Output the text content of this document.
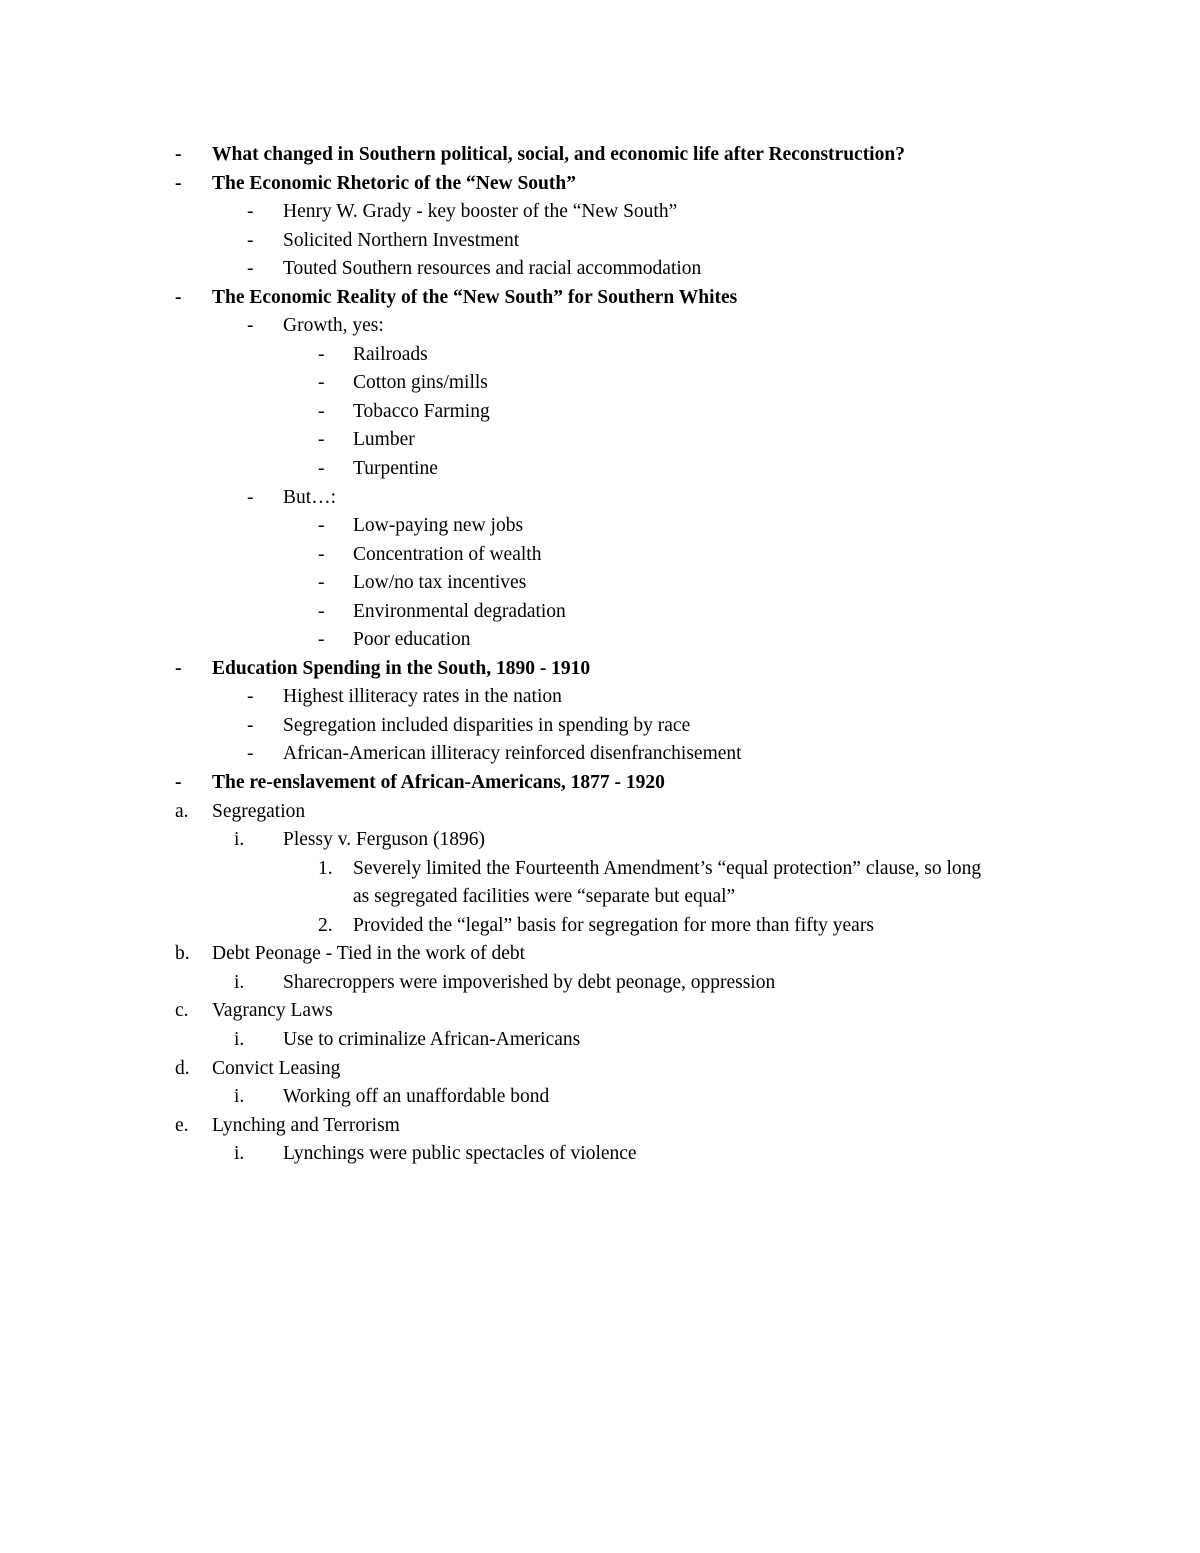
- What changed in Southern political, social, and economic life after Reconstruction?
- The Economic Rhetoric of the “New South”
- Henry W. Grady - key booster of the “New South”
- Solicited Northern Investment
- Touted Southern resources and racial accommodation
- The Economic Reality of the “New South” for Southern Whites
- Growth, yes:
- Railroads
- Cotton gins/mills
- Tobacco Farming
- Lumber
- Turpentine
- But…:
- Low-paying new jobs
- Concentration of wealth
- Low/no tax incentives
- Environmental degradation
- Poor education
- Education Spending in the South, 1890 - 1910
- Highest illiteracy rates in the nation
- Segregation included disparities in spending by race
- African-American illiteracy reinforced disenfranchisement
- The re-enslavement of African-Americans, 1877 - 1920
a. Segregation
i. Plessy v. Ferguson (1896)
1. Severely limited the Fourteenth Amendment’s “equal protection” clause, so long
as segregated facilities were “separate but equal”
2. Provided the “legal” basis for segregation for more than fifty years
b. Debt Peonage - Tied in the work of debt
i. Sharecroppers were impoverished by debt peonage, oppression
c. Vagrancy Laws
i. Use to criminalize African-Americans
d. Convict Leasing
i. Working off an unaffordable bond
e. Lynching and Terrorism
i. Lynchings were public spectacles of violence
